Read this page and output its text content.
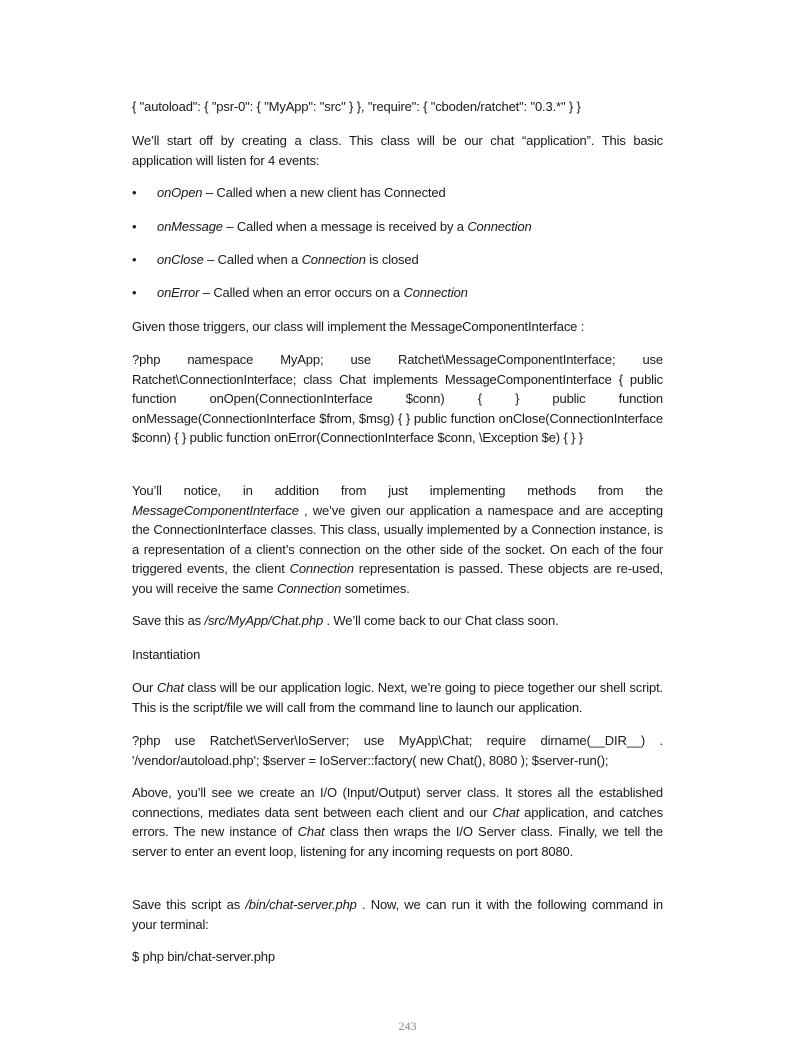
{ "autoload": { "psr-0": { "MyApp": "src" } }, "require": { "cboden/ratchet": "0.3.*" } }
We’ll start off by creating a class. This class will be our chat “application”. This basic application will listen for 4 events:
• onOpen – Called when a new client has Connected
• onMessage – Called when a message is received by a Connection
• onClose – Called when a Connection is closed
• onError – Called when an error occurs on a Connection
Given those triggers, our class will implement the MessageComponentInterface :
?php namespace MyApp; use Ratchet\MessageComponentInterface; use Ratchet\ConnectionInterface; class Chat implements MessageComponentInterface { public function onOpen(ConnectionInterface $conn) { } public function onMessage(ConnectionInterface $from, $msg) { } public function onClose(ConnectionInterface $conn) { } public function onError(ConnectionInterface $conn, \Exception $e) { } }
You’ll notice, in addition from just implementing methods from the MessageComponentInterface , we’ve given our application a namespace and are accepting the ConnectionInterface classes. This class, usually implemented by a Connection instance, is a representation of a client’s connection on the other side of the socket. On each of the four triggered events, the client Connection representation is passed. These objects are re-used, you will receive the same Connection sometimes.
Save this as /src/MyApp/Chat.php . We’ll come back to our Chat class soon.
Instantiation
Our Chat class will be our application logic. Next, we’re going to piece together our shell script. This is the script/file we will call from the command line to launch our application.
?php use Ratchet\Server\IoServer; use MyApp\Chat; require dirname(__DIR__) . '/vendor/autoload.php'; $server = IoServer::factory( new Chat(), 8080 ); $server-run();
Above, you’ll see we create an I/O (Input/Output) server class. It stores all the established connections, mediates data sent between each client and our Chat application, and catches errors. The new instance of Chat class then wraps the I/O Server class. Finally, we tell the server to enter an event loop, listening for any incoming requests on port 8080.
Save this script as /bin/chat-server.php . Now, we can run it with the following command in your terminal:
$ php bin/chat-server.php
243
